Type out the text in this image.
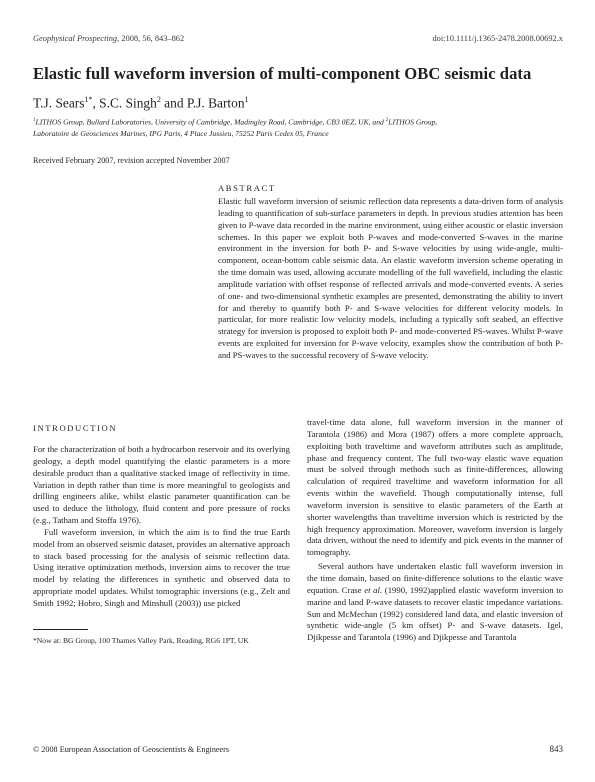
Geophysical Prospecting, 2008, 56, 843–862	doi:10.1111/j.1365-2478.2008.00692.x
Elastic full waveform inversion of multi-component OBC seismic data
T.J. Sears$^{1*}$, S.C. Singh$^2$ and P.J. Barton$^1$
$^1$LITHOS Group, Bullard Laboratories, University of Cambridge, Madingley Road, Cambridge, CB3 0EZ, UK, and $^2$LITHOS Group,
Laboratoire de Geosciences Marines, IPG Paris, 4 Place Jussieu, 75252 Paris Cedex 05, France
Received February 2007, revision accepted November 2007
ABSTRACT
Elastic full waveform inversion of seismic reflection data represents a data-driven form of analysis leading to quantification of sub-surface parameters in depth. In previous studies attention has been given to P-wave data recorded in the marine environment, using either acoustic or elastic inversion schemes. In this paper we exploit both P-waves and mode-converted S-waves in the marine environment in the inversion for both P- and S-wave velocities by using wide-angle, multi-component, ocean-bottom cable seismic data. An elastic waveform inversion scheme operating in the time domain was used, allowing accurate modelling of the full wavefield, including the elastic amplitude variation with offset response of reflected arrivals and mode-converted events. A series of one- and two-dimensional synthetic examples are presented, demonstrating the ability to invert for and thereby to quantify both P- and S-wave velocities for different velocity models. In particular, for more realistic low velocity models, including a typically soft seabed, an effective strategy for inversion is proposed to exploit both P- and mode-converted PS-waves. Whilst P-wave events are exploited for inversion for P-wave velocity, examples show the contribution of both P- and PS-waves to the successful recovery of S-wave velocity.
INTRODUCTION

For the characterization of both a hydrocarbon reservoir and its overlying geology, a depth model quantifying the elastic parameters is a more desirable product than a qualitative stacked image of reflectivity in time. Variation in depth rather than time is more meaningful to geologists and drilling engineers alike, whilst elastic parameter quantification can be used to deduce the lithology, fluid content and pore pressure of rocks (e.g., Tatham and Stoffa 1976).

Full waveform inversion, in which the aim is to find the true Earth model from an observed seismic dataset, provides an alternative approach to stack based processing for the analysis of seismic reflection data. Using iterative optimization methods, inversion aims to recover the true model by relating the differences in synthetic and observed data to appropriate model updates. Whilst tomographic inversions (e.g., Zelt and Smith 1992; Hobro, Singh and Minshull (2003)) use picked

travel-time data alone, full waveform inversion in the manner of Tarantola (1986) and Mora (1987) offers a more complete approach, exploiting both traveltime and waveform attributes such as amplitude, phase and frequency content. The full two-way elastic wave equation must be solved through methods such as finite-differences, allowing calculation of required traveltime and waveform information for all events within the wavefield. Though computationally intense, full waveform inversion is sensitive to elastic parameters of the Earth at shorter wavelengths than traveltime inversion which is restricted by the high frequency approximation. Moreover, waveform inversion is largely data driven, without the need to identify and pick events in the manner of tomography.

Several authors have undertaken elastic full waveform inversion in the time domain, based on finite-difference solutions to the elastic wave equation. Crase et al. (1990, 1992)applied elastic waveform inversion to marine and land P-wave datasets to recover elastic impedance variations. Sun and McMechan (1992) considered land data, and elastic inversion of synthetic wide-angle (5 km offset) P- and S-wave datasets. Igel, Djikpesse and Tarantola (1996) and Djikpesse and Tarantola

*Now at: BG Group, 100 Thames Valley Park, Reading, RG6 1PT, UK
© 2008 European Association of Geoscientists & Engineers	843
